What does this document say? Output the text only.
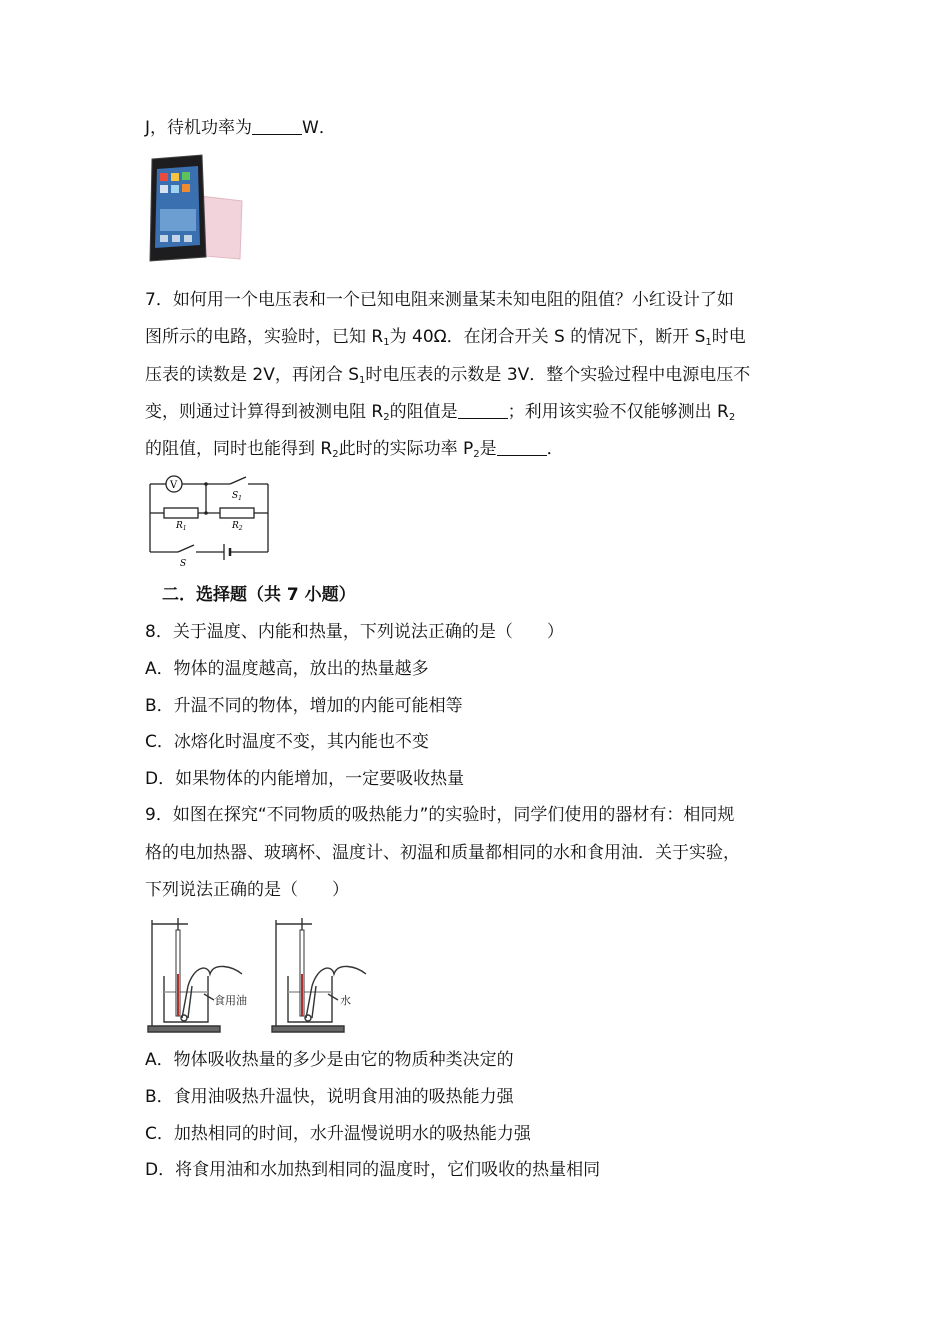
J，待机功率为	W．
7．如何用一个电压表和一个已知电阻来测量某未知电阻的阻值？小红设计了如
图所示的电路，实验时，已知 $R_1$为 40Ω．在闭合开关 S 的情况下，断开 $S_1$时电
压表的读数是 2V，再闭合 $S_1$时电压表的示数是 3V．整个实验过程中电源电压不
变，则通过计算得到被测电阻 $R_2$的阻值是	；利用该实验不仅能够测出 $R_2$
的阻值，同时也能得到 $R_2$此时的实际功率 $P_2$是	．
V
$S_1$
$R_1$	$R_2$
S
二．选择题（共 7 小题）
8．关于温度、内能和热量，下列说法正确的是（　　）
A．物体的温度越高，放出的热量越多
B．升温不同的物体，增加的内能可能相等
C．冰熔化时温度不变，其内能也不变
D．如果物体的内能增加，一定要吸收热量
9．如图在探究“不同物质的吸热能力”的实验时，同学们使用的器材有：相同规
格的电加热器、玻璃杯、温度计、初温和质量都相同的水和食用油．关于实验，
下列说法正确的是（　　）
食用油	水
A．物体吸收热量的多少是由它的物质种类决定的
B．食用油吸热升温快，说明食用油的吸热能力强
C．加热相同的时间，水升温慢说明水的吸热能力强
D．将食用油和水加热到相同的温度时，它们吸收的热量相同
